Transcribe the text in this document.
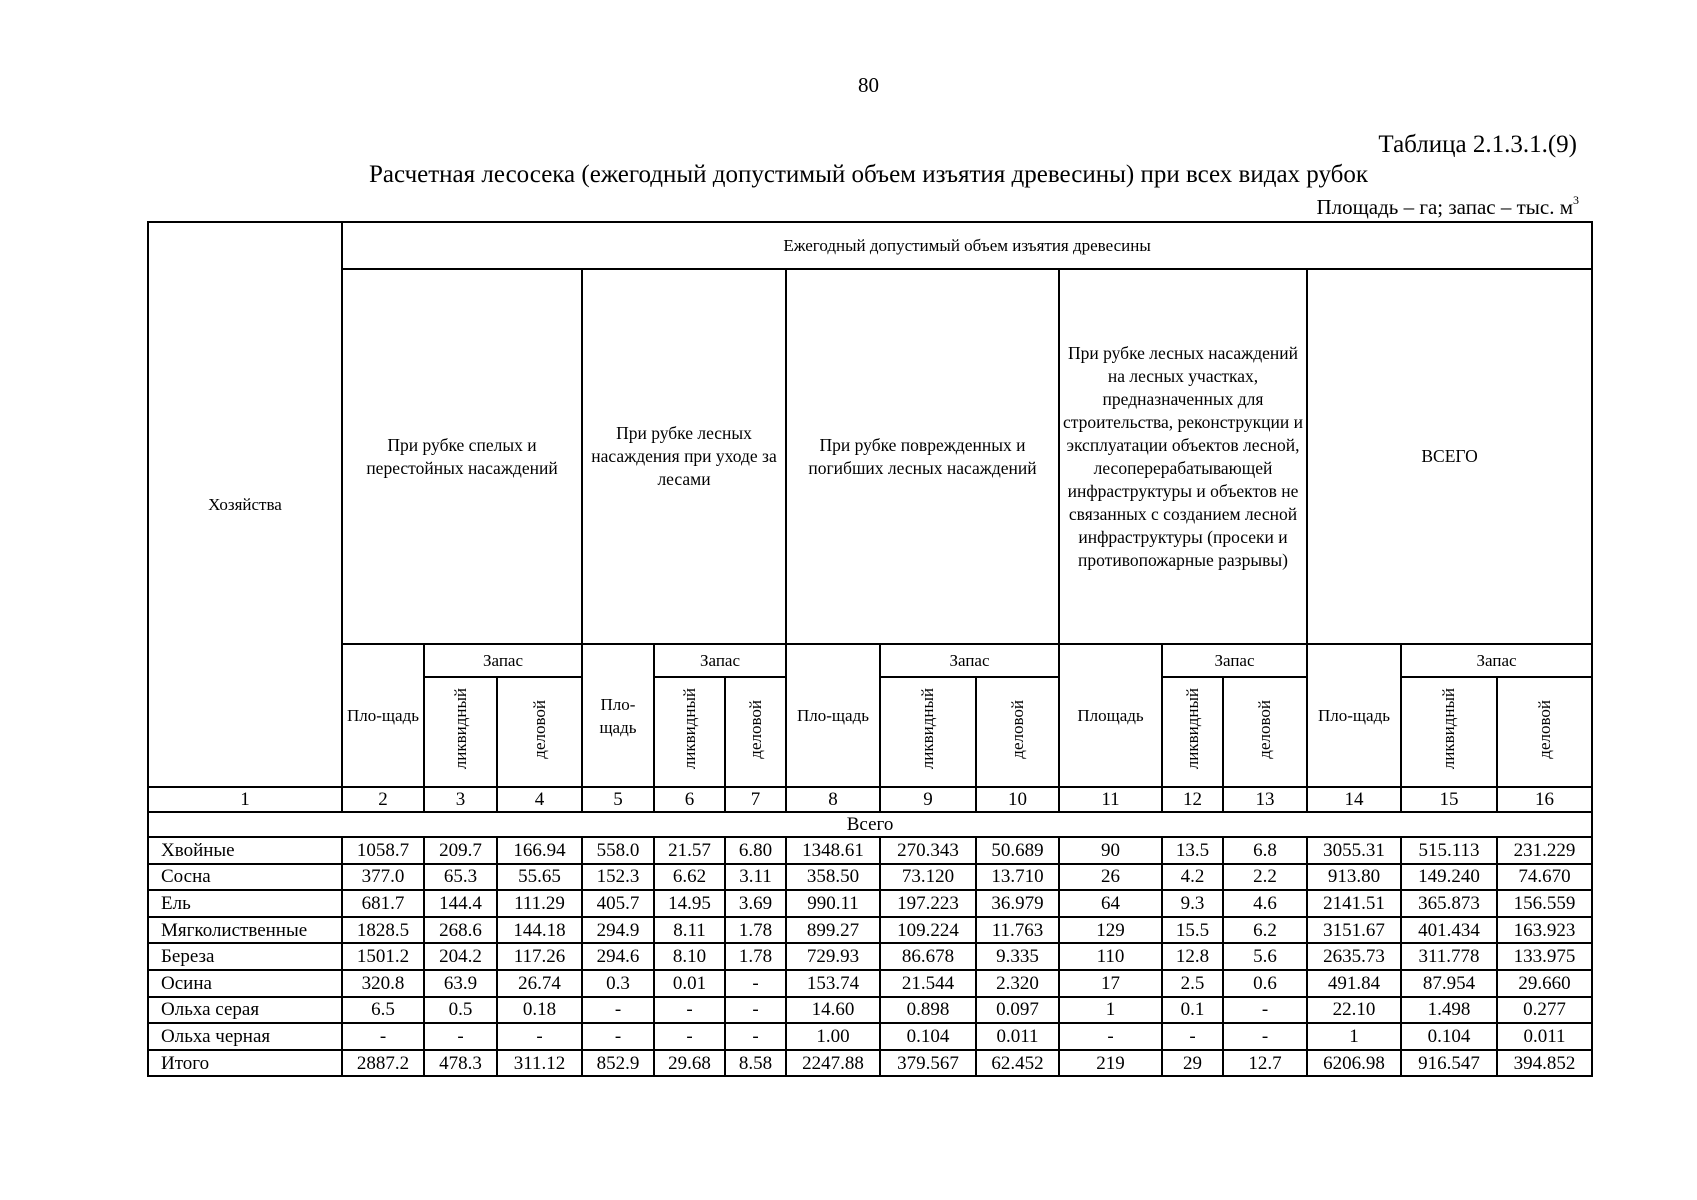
80
Таблица 2.1.3.1.(9)
Расчетная лесосека (ежегодный допустимый объем изъятия древесины) при всех видах рубок
Площадь – га; запас – тыс. $м^3$
Хозяйства	Ежегодный допустимый объем изъятия древесины														
	При рубке спелых и перестойных насаждений			При рубке лесных насаждения при уходе за лесами			При рубке поврежденных и погибших лесных насаждений			При рубке лесных насаждений на лесных участках, предназначенных для строительства, реконструкции и эксплуатации объектов лесной, лесоперерабатывающей инфраструктуры и объектов не связанных с созданием лесной инфраструктуры (просеки и противопожарные разрывы)			ВСЕГО		
	Пло-щадь	Запас		Пло-щадь	Запас		Пло-щадь	Запас		Площадь	Запас		Пло-щадь	Запас	
		ликвидный	деловой		ликвидный	деловой		ликвидный	деловой		ликвидный	деловой		ликвидный	деловой
1	2	3	4	5	6	7	8	9	10	11	12	13	14	15	16
Всего															
Хвойные	1058.7	209.7	166.94	558.0	21.57	6.80	1348.61	270.343	50.689	90	13.5	6.8	3055.31	515.113	231.229
Сосна	377.0	65.3	55.65	152.3	6.62	3.11	358.50	73.120	13.710	26	4.2	2.2	913.80	149.240	74.670
Ель	681.7	144.4	111.29	405.7	14.95	3.69	990.11	197.223	36.979	64	9.3	4.6	2141.51	365.873	156.559
Мягколиственные	1828.5	268.6	144.18	294.9	8.11	1.78	899.27	109.224	11.763	129	15.5	6.2	3151.67	401.434	163.923
Береза	1501.2	204.2	117.26	294.6	8.10	1.78	729.93	86.678	9.335	110	12.8	5.6	2635.73	311.778	133.975
Осина	320.8	63.9	26.74	0.3	0.01	-	153.74	21.544	2.320	17	2.5	0.6	491.84	87.954	29.660
Ольха серая	6.5	0.5	0.18	-	-	-	14.60	0.898	0.097	1	0.1	-	22.10	1.498	0.277
Ольха черная	-	-	-	-	-	-	1.00	0.104	0.011	-	-	-	1	0.104	0.011
Итого	2887.2	478.3	311.12	852.9	29.68	8.58	2247.88	379.567	62.452	219	29	12.7	6206.98	916.547	394.852
